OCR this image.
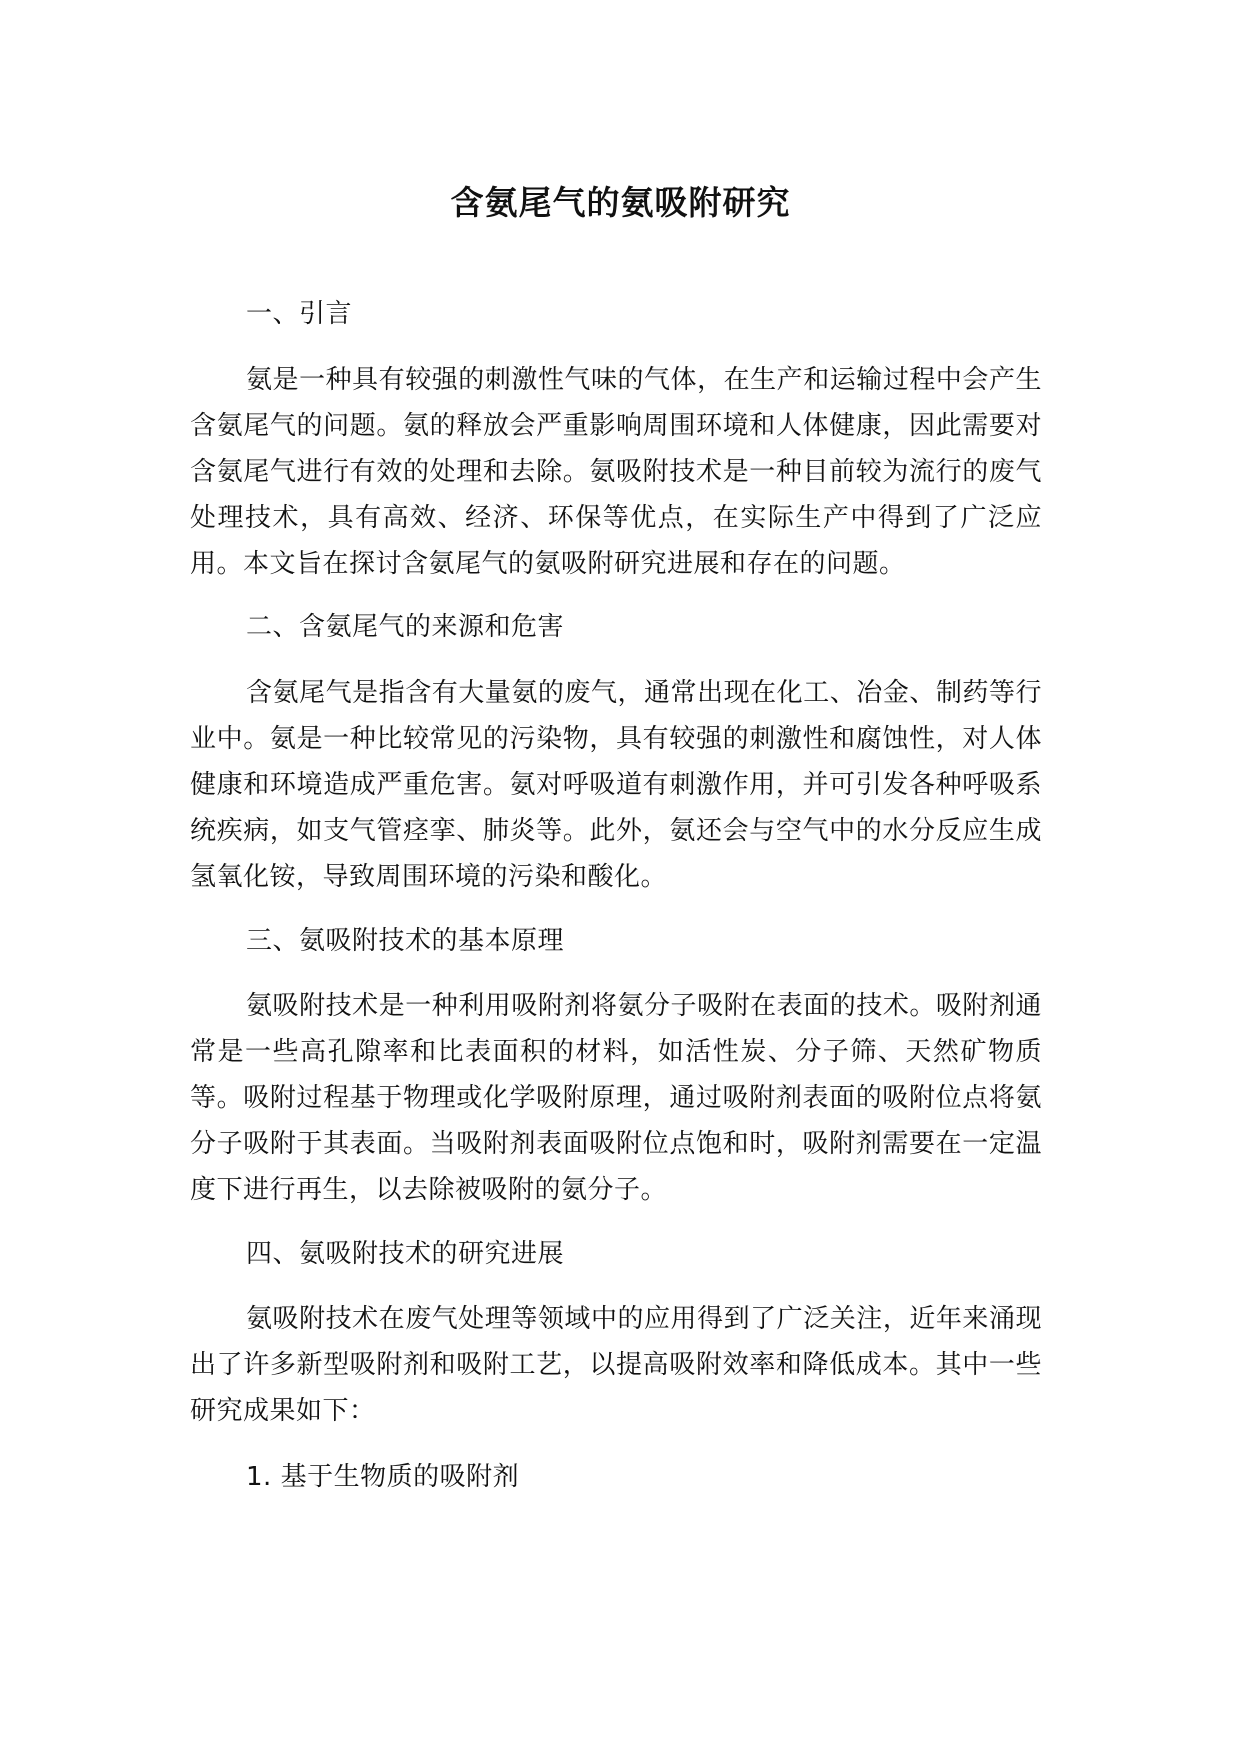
含氨尾气的氨吸附研究

一、引言

氨是一种具有较强的刺激性气味的气体，在生产和运输过程中会产生含氨尾气的问题。氨的释放会严重影响周围环境和人体健康，因此需要对含氨尾气进行有效的处理和去除。氨吸附技术是一种目前较为流行的废气处理技术，具有高效、经济、环保等优点，在实际生产中得到了广泛应用。本文旨在探讨含氨尾气的氨吸附研究进展和存在的问题。

二、含氨尾气的来源和危害

含氨尾气是指含有大量氨的废气，通常出现在化工、冶金、制药等行业中。氨是一种比较常见的污染物，具有较强的刺激性和腐蚀性，对人体健康和环境造成严重危害。氨对呼吸道有刺激作用，并可引发各种呼吸系统疾病，如支气管痉挛、肺炎等。此外，氨还会与空气中的水分反应生成氢氧化铵，导致周围环境的污染和酸化。

三、氨吸附技术的基本原理

氨吸附技术是一种利用吸附剂将氨分子吸附在表面的技术。吸附剂通常是一些高孔隙率和比表面积的材料，如活性炭、分子筛、天然矿物质等。吸附过程基于物理或化学吸附原理，通过吸附剂表面的吸附位点将氨分子吸附于其表面。当吸附剂表面吸附位点饱和时，吸附剂需要在一定温度下进行再生，以去除被吸附的氨分子。

四、氨吸附技术的研究进展

氨吸附技术在废气处理等领域中的应用得到了广泛关注，近年来涌现出了许多新型吸附剂和吸附工艺，以提高吸附效率和降低成本。其中一些研究成果如下：

1. 基于生物质的吸附剂
